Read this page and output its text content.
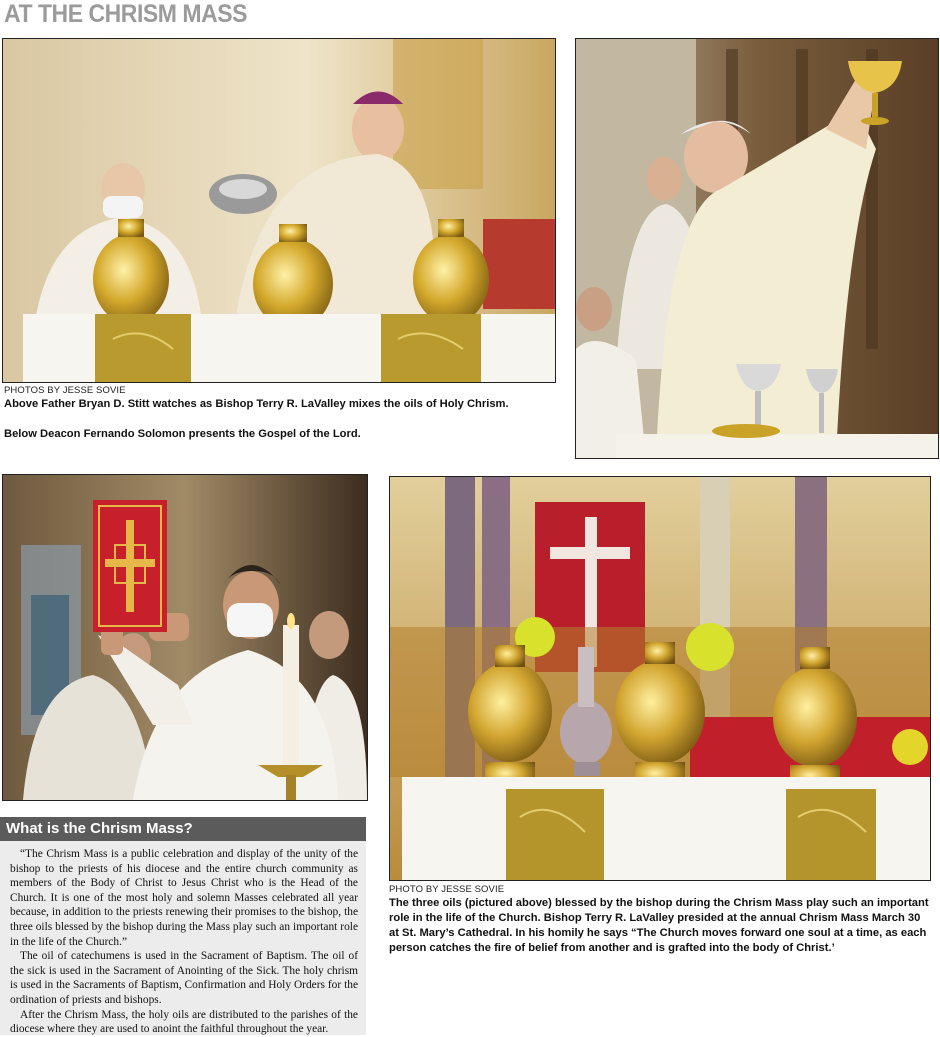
AT THE CHRISM MASS
PHOTOS BY JESSE SOVIE

Above Father Bryan D. Stitt watches as Bishop Terry R. LaValley mixes the oils of Holy Chrism.

Below Deacon Fernando Solomon presents the Gospel of the Lord.

What is the Chrism Mass?

“The Chrism Mass is a public celebration and display of the unity of the bishop to the priests of his diocese and the entire church community as members of the Body of Christ to Jesus Christ who is the Head of the Church. It is one of the most holy and solemn Masses celebrated all year because, in addition to the priests renewing their promises to the bishop, the three oils blessed by the bishop during the Mass play such an important role in the life of the Church.”

The oil of catechumens is used in the Sacrament of Baptism. The oil of the sick is used in the Sacrament of Anointing of the Sick. The holy chrism is used in the Sacraments of Baptism, Confirmation and Holy Orders for the ordination of priests and bishops.

After the Chrism Mass, the holy oils are distributed to the parishes of the diocese where they are used to anoint the faithful throughout the year.

PHOTO BY JESSE SOVIE
The three oils (pictured above) blessed by the bishop during the Chrism Mass play such an important role in the life of the Church. Bishop Terry R. LaValley presided at the annual Chrism Mass March 30 at St. Mary’s Cathedral. In his homily he says “The Church moves forward one soul at a time, as each person catches the fire of belief from another and is grafted into the body of Christ.’
